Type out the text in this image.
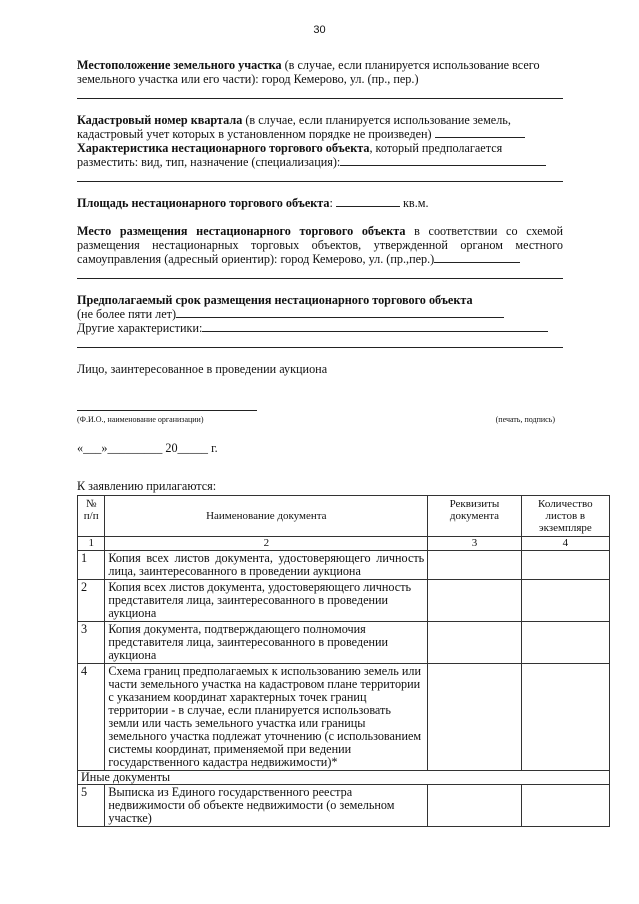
30

Местоположение земельного участка (в случае, если планируется использование всего земельного участка или его части): город Кемерово, ул. (пр., пер.)

Кадастровый номер квартала (в случае, если планируется использование земель, кадастровый учет которых в установленном порядке не произведен)

Характеристика нестационарного торгового объекта, который предполагается разместить: вид, тип, назначение (специализация):

Площадь нестационарного торгового объекта:	кв.м.

Место размещения нестационарного торгового объекта в соответствии со схемой размещения нестационарных торговых объектов, утвержденной органом местного самоуправления (адресный ориентир): город Кемерово, ул. (пр.,пер.)

Предполагаемый срок размещения нестационарного торгового объекта

(не более пяти лет)

Другие характеристики:

Лицо, заинтересованное в проведении аукциона

(Ф.И.О., наименование организации)	(печать, подпись)

«___»_________ 20_____ г.

К заявлению прилагаются:

№ п/п	Наименование документа	Реквизиты документа	Количество листов в экземпляре
1	2	3	4
1	Копия всех листов документа, удостоверяющего личность лица, заинтересованного в проведении аукциона		
2	Копия всех листов документа, удостоверяющего личность представителя лица, заинтересованного в проведении аукциона		
3	Копия документа, подтверждающего полномочия представителя лица, заинтересованного в проведении аукциона		
4	Схема границ предполагаемых к использованию земель или части земельного участка на кадастровом плане территории с указанием координат характерных точек границ территории - в случае, если планируется использовать земли или часть земельного участка или границы земельного участка подлежат уточнению (с использованием системы координат, применяемой при ведении государственного кадастра недвижимости)*		
Иные документы			
5	Выписка из Единого государственного реестра недвижимости об объекте недвижимости (о земельном участке)		
